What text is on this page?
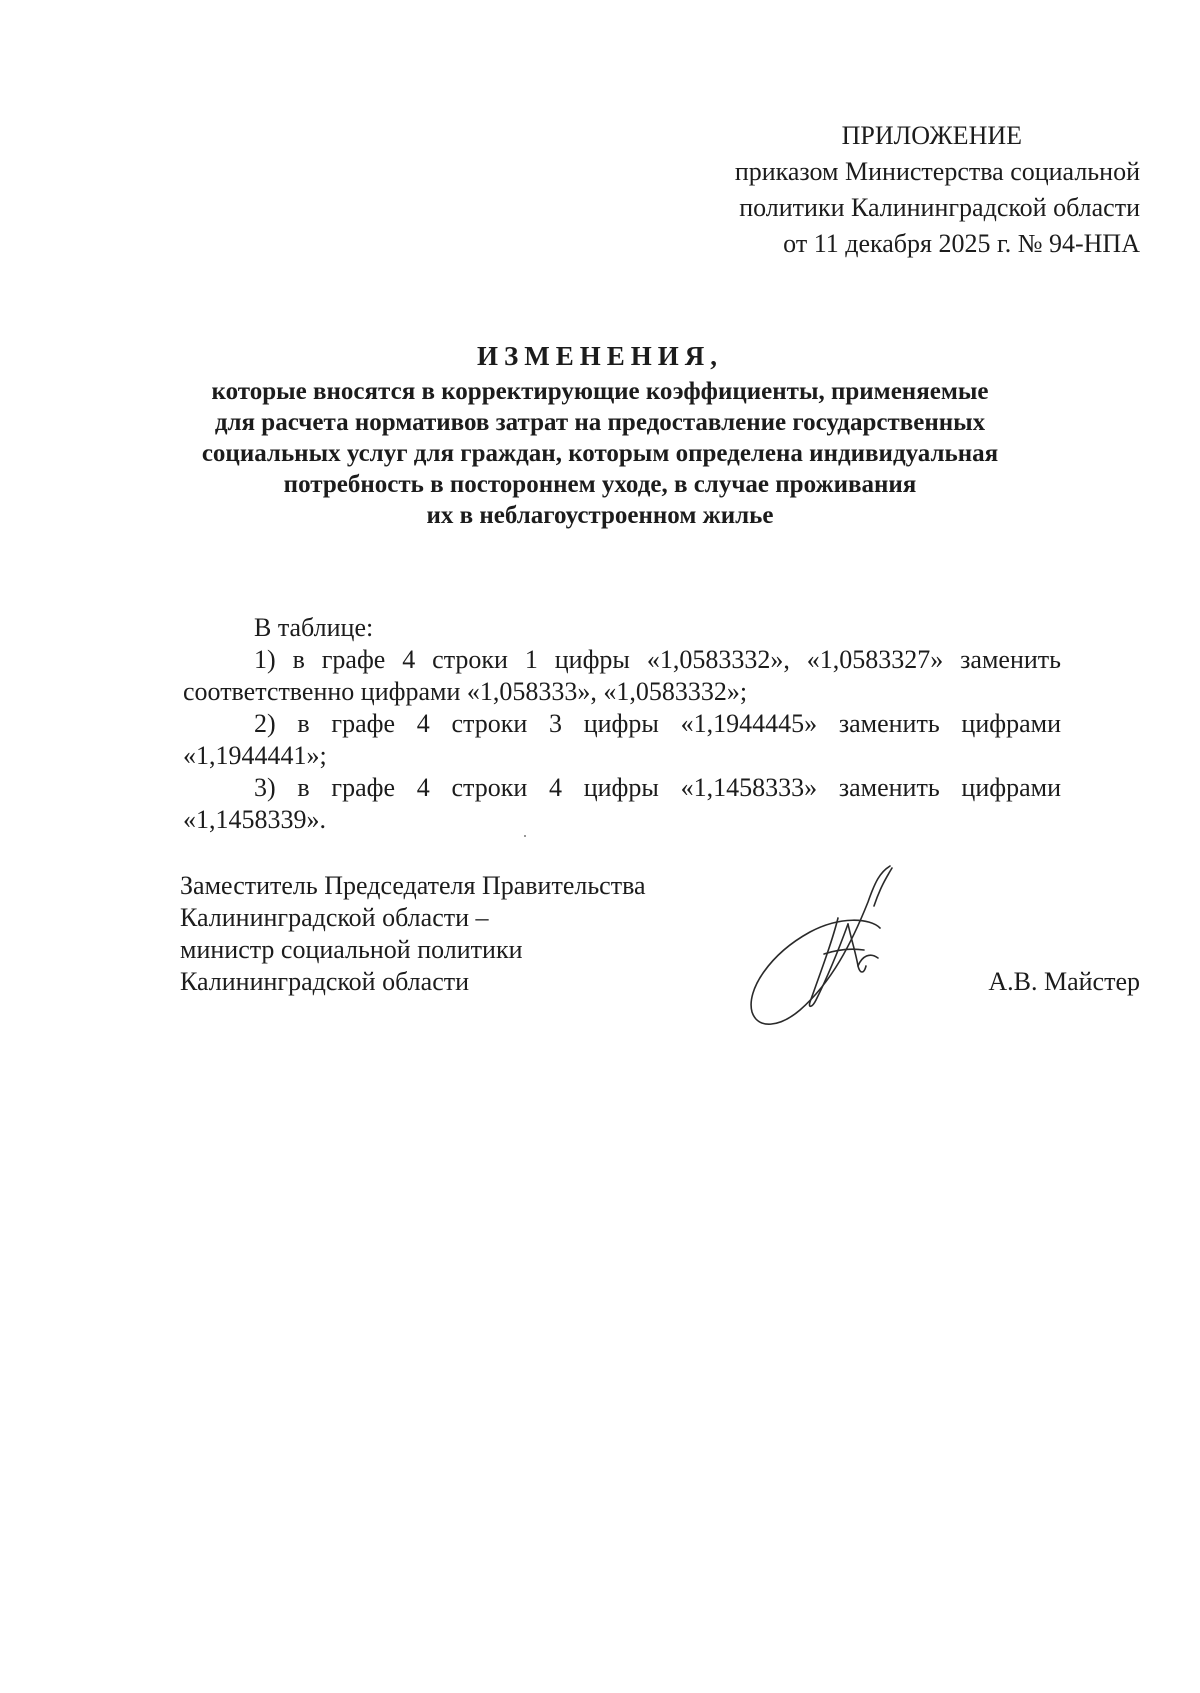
ПРИЛОЖЕНИЕ
приказом Министерства социальной
политики Калининградской области
от 11 декабря 2025 г. № 94-НПА
ИЗМЕНЕНИЯ,
которые вносятся в корректирующие коэффициенты, применяемые
для расчета нормативов затрат на предоставление государственных
социальных услуг для граждан, которым определена индивидуальная
потребность в постороннем уходе, в случае проживания
их в неблагоустроенном жилье
В таблице:
1) в графе 4 строки 1 цифры «1,0583332», «1,0583327» заменить соответственно цифрами «1,058333», «1,0583332»;
2) в графе 4 строки 3 цифры «1,1944445» заменить цифрами «1,1944441»;
3) в графе 4 строки 4 цифры «1,1458333» заменить цифрами «1,1458339».
Заместитель Председателя Правительства
Калининградской области –
министр социальной политики
Калининградской области	А.В. Майстер
